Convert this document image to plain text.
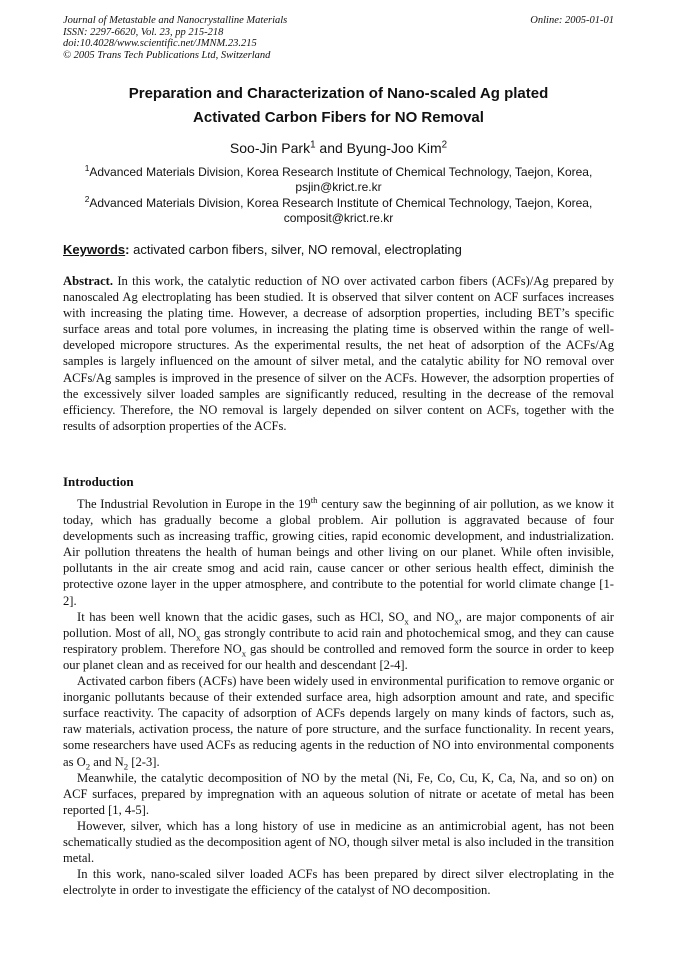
Journal of Metastable and Nanocrystalline Materials
ISSN: 2297-6620, Vol. 23, pp 215-218
doi:10.4028/www.scientific.net/JMNM.23.215
© 2005 Trans Tech Publications Ltd, Switzerland
Online: 2005-01-01
Preparation and Characterization of Nano-scaled Ag plated
Activated Carbon Fibers for NO Removal
Soo-Jin Park$^1$ and Byung-Joo Kim$^2$
$^1$Advanced Materials Division, Korea Research Institute of Chemical Technology, Taejon, Korea,
psjin@krict.re.kr
$^2$Advanced Materials Division, Korea Research Institute of Chemical Technology, Taejon, Korea,
composit@krict.re.kr
Keywords: activated carbon fibers, silver, NO removal, electroplating

Abstract. In this work, the catalytic reduction of NO over activated carbon fibers (ACFs)/Ag prepared by nanoscaled Ag electroplating has been studied. It is observed that silver content on ACF surfaces increases with increasing the plating time. However, a decrease of adsorption properties, including BET’s specific surface areas and total pore volumes, in increasing the plating time is observed within the range of well-developed micropore structures. As the experimental results, the net heat of adsorption of the ACFs/Ag samples is largely influenced on the amount of silver metal, and the catalytic ability for NO removal over ACFs/Ag samples is improved in the presence of silver on the ACFs. However, the adsorption properties of the excessively silver loaded samples are significantly reduced, resulting in the decrease of the removal efficiency. Therefore, the NO removal is largely depended on silver content on ACFs, together with the results of adsorption properties of the ACFs.

Introduction

The Industrial Revolution in Europe in the 19th century saw the beginning of air pollution, as we know it today, which has gradually become a global problem. Air pollution is aggravated because of four developments such as increasing traffic, growing cities, rapid economic development, and industrialization. Air pollution threatens the health of human beings and other living on our planet. While often invisible, pollutants in the air create smog and acid rain, cause cancer or other serious health effect, diminish the protective ozone layer in the upper atmosphere, and contribute to the potential for world climate change [1-2].

It has been well known that the acidic gases, such as HCl, $SO_x$ and $NO_x$, are major components of air pollution. Most of all, $NO_x$ gas strongly contribute to acid rain and photochemical smog, and they can cause respiratory problem. Therefore $NO_x$ gas should be controlled and removed form the source in order to keep our planet clean and as received for our health and descendant [2-4].

Activated carbon fibers (ACFs) have been widely used in environmental purification to remove organic or inorganic pollutants because of their extended surface area, high adsorption amount and rate, and specific surface reactivity. The capacity of adsorption of ACFs depends largely on many kinds of factors, such as, raw materials, activation process, the nature of pore structure, and the surface functionality. In recent years, some researchers have used ACFs as reducing agents in the reduction of NO into environmental components as $O_2$ and $N_2$ [2-3].

Meanwhile, the catalytic decomposition of NO by the metal (Ni, Fe, Co, Cu, K, Ca, Na, and so on) on ACF surfaces, prepared by impregnation with an aqueous solution of nitrate or acetate of metal has been reported [1, 4-5].

However, silver, which has a long history of use in medicine as an antimicrobial agent, has not been schematically studied as the decomposition agent of NO, though silver metal is also included in the transition metal.

In this work, nano-scaled silver loaded ACFs has been prepared by direct silver electroplating in the electrolyte in order to investigate the efficiency of the catalyst of NO decomposition.
